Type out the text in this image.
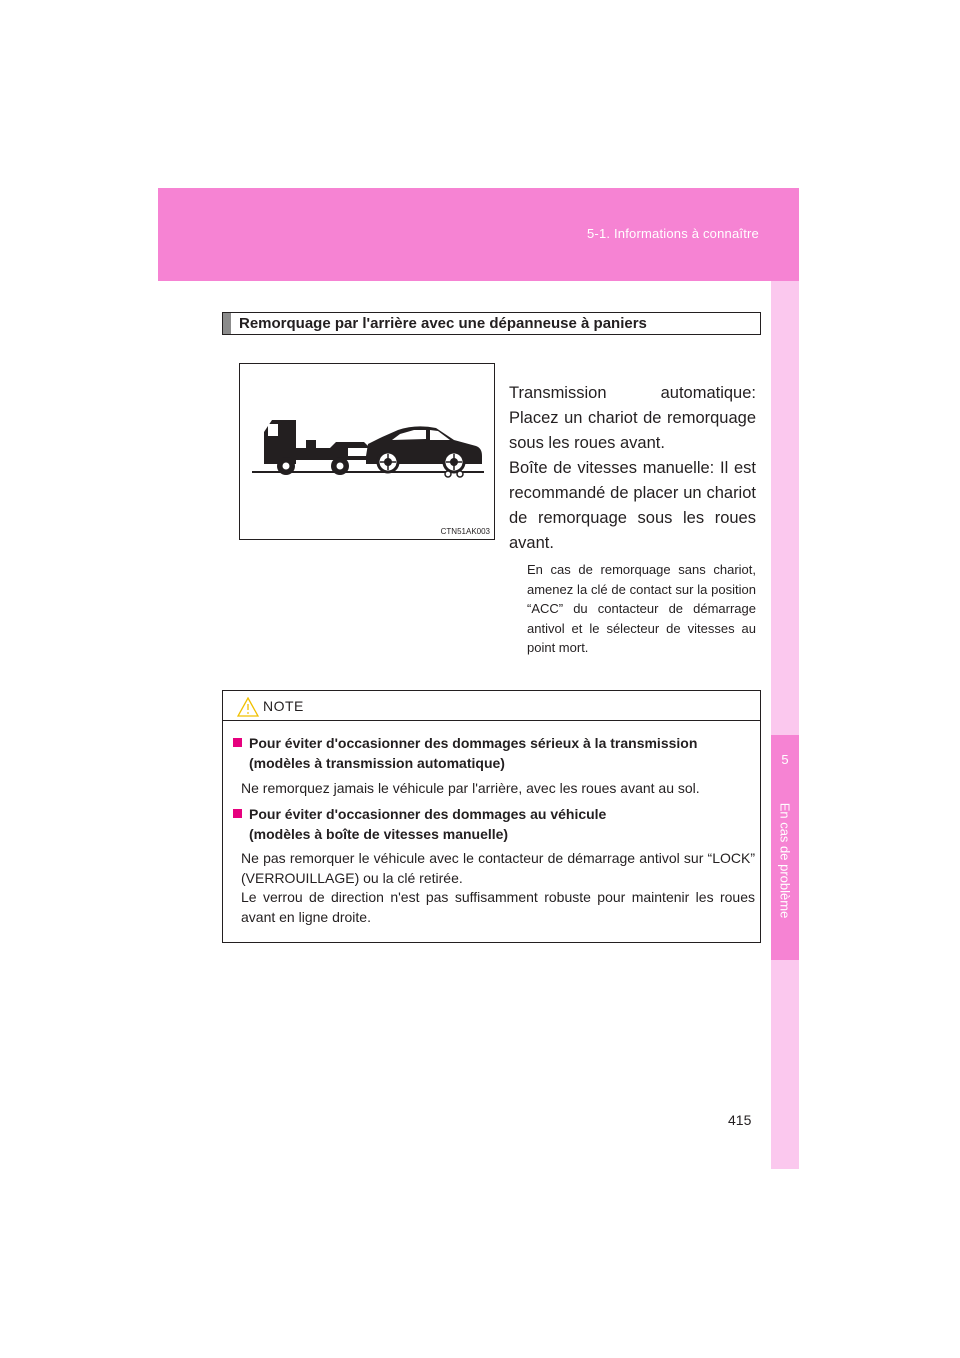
5-1. Informations à connaître
5
En cas de problème
Remorquage par l'arrière avec une dépanneuse à paniers
CTN51AK003
Transmission automatique: Placez un chariot de remorquage sous les roues avant.
Boîte de vitesses manuelle: Il est recommandé de placer un chariot de remorquage sous les roues avant.
En cas de remorquage sans chariot, amenez la clé de contact sur la position “ACC” du contacteur de démarrage antivol et le sélecteur de vitesses au point mort.
NOTE
Pour éviter d'occasionner des dommages sérieux à la transmission
(modèles à transmission automatique)
Ne remorquez jamais le véhicule par l'arrière, avec les roues avant au sol.
Pour éviter d'occasionner des dommages au véhicule
(modèles à boîte de vitesses manuelle)
Ne pas remorquer le véhicule avec le contacteur de démarrage antivol sur “LOCK” (VERROUILLAGE) ou la clé retirée.
Le verrou de direction n'est pas suffisamment robuste pour maintenir les roues avant en ligne droite.
415
